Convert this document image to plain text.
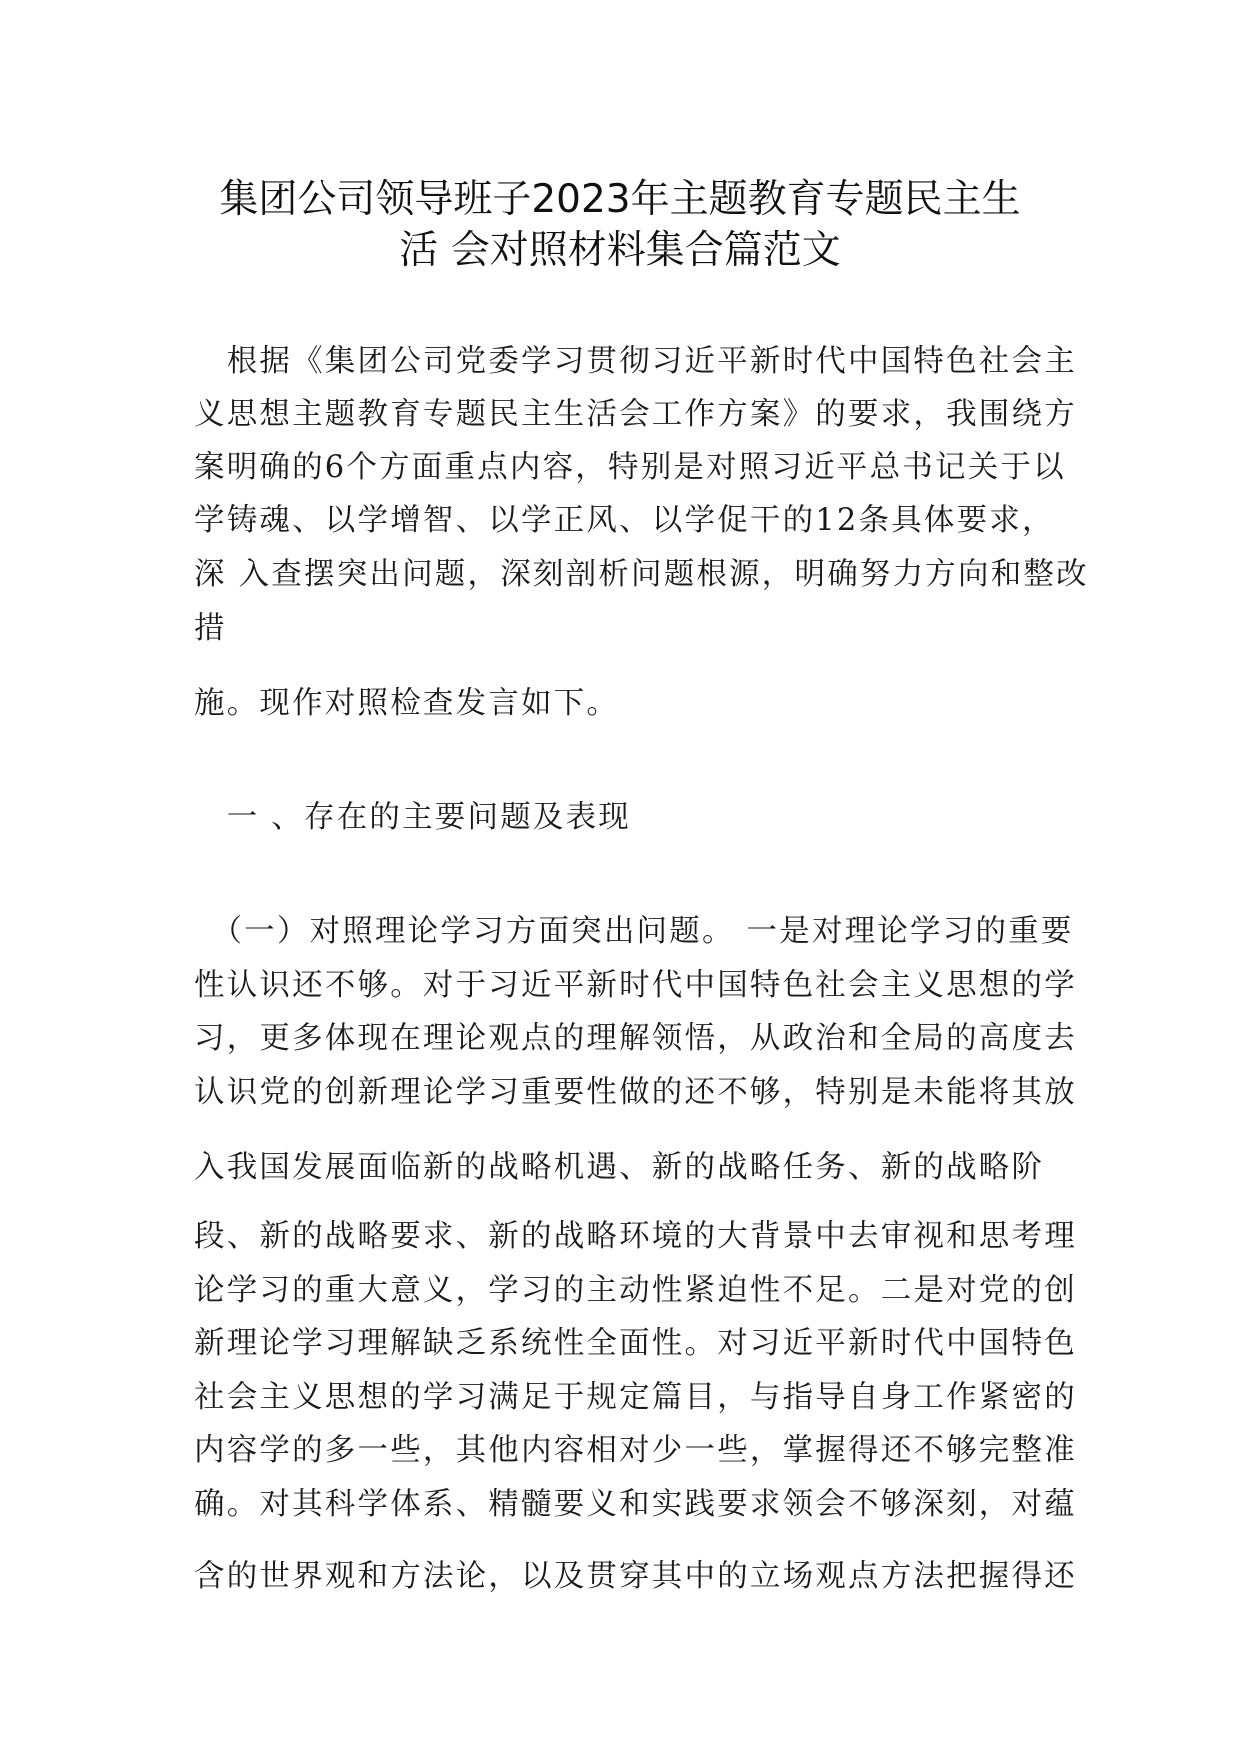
集团公司领导班子2023年主题教育专题民主生
活 会对照材料集合篇范文
　根据《集团公司党委学习贯彻习近平新时代中国特色社会主
义思想主题教育专题民主生活会工作方案》的要求，我围绕方
案明确的6个方面重点内容，特别是对照习近平总书记关于以
学铸魂、以学增智、以学正风、以学促干的12条具体要求，
深 入查摆突出问题，深刻剖析问题根源，明确努力方向和整改
措
施。现作对照检查发言如下。
　一 、存在的主要问题及表现
　（一）对照理论学习方面突出问题。 一是对理论学习的重要
性认识还不够。对于习近平新时代中国特色社会主义思想的学
习，更多体现在理论观点的理解领悟，从政治和全局的高度去
认识党的创新理论学习重要性做的还不够，特别是未能将其放
入我国发展面临新的战略机遇、新的战略任务、新的战略阶
段、新的战略要求、新的战略环境的大背景中去审视和思考理
论学习的重大意义，学习的主动性紧迫性不足。二是对党的创
新理论学习理解缺乏系统性全面性。对习近平新时代中国特色
社会主义思想的学习满足于规定篇目，与指导自身工作紧密的
内容学的多一些，其他内容相对少一些，掌握得还不够完整准
确。对其科学体系、精髓要义和实践要求领会不够深刻，对蕴
含的世界观和方法论，以及贯穿其中的立场观点方法把握得还
